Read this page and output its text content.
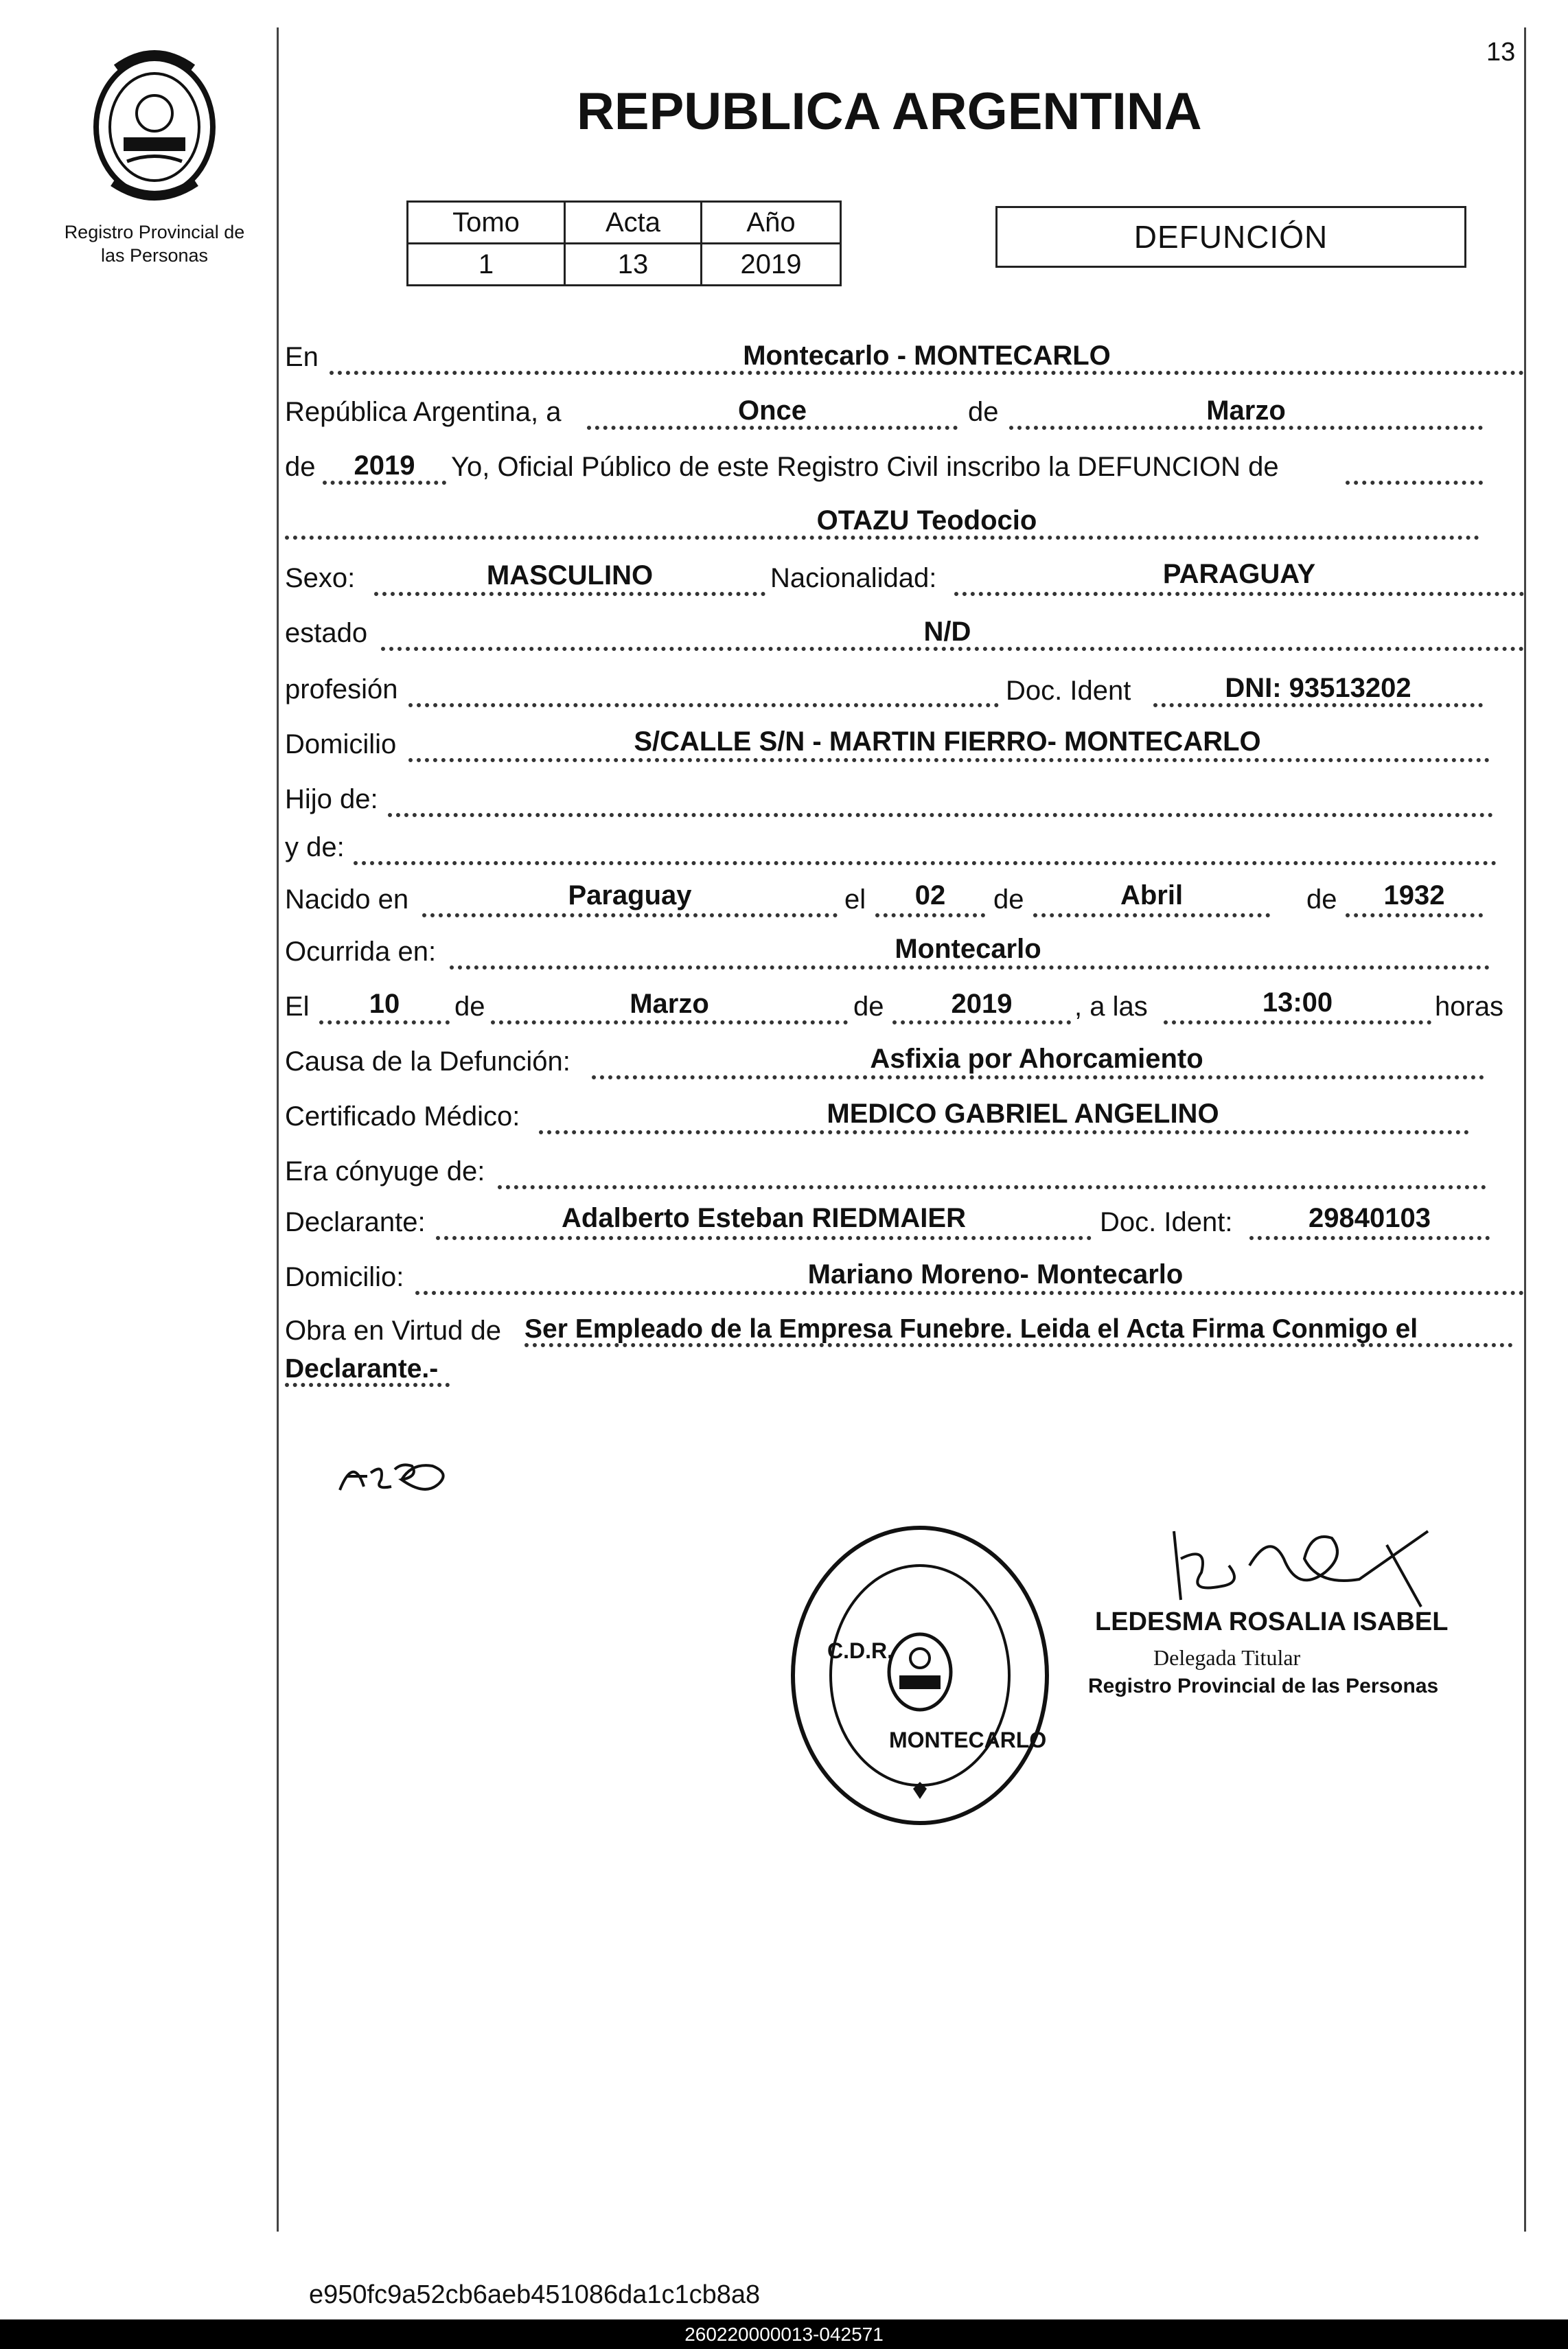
13
Registro Provincial de
las Personas
REPUBLICA ARGENTINA
Tomo	Acta	Año
1	13	2019
DEFUNCIÓN
En	Montecarlo - MONTECARLO
República Argentina, a	Once	de	Marzo
de	2019	Yo, Oficial Público de este Registro Civil inscribo la DEFUNCION de
OTAZU Teodocio
Sexo:	MASCULINO	Nacionalidad:	PARAGUAY
estado	N/D
profesión	Doc. Ident	DNI: 93513202
Domicilio	S/CALLE S/N - MARTIN FIERRO- MONTECARLO
Hijo de:
y de:
Nacido en	Paraguay	el	02	de	Abril	de	1932
Ocurrida en:	Montecarlo
El	10	de	Marzo	de	2019	, a las	13:00	horas
Causa de la Defunción:	Asfixia por Ahorcamiento
Certificado Médico:	MEDICO GABRIEL ANGELINO
Era cónyuge de:
Declarante:	Adalberto Esteban RIEDMAIER	Doc. Ident:	29840103
Domicilio:	Mariano Moreno- Montecarlo
Obra en Virtud de Ser Empleado de la Empresa Funebre. Leida el Acta Firma Conmigo el
Declarante.-
C.D.R.
MONTECARLO
LEDESMA ROSALIA ISABEL
Delegada Titular
Registro Provincial de las Personas
e950fc9a52cb6aeb451086da1c1cb8a8
260220000013-042571
